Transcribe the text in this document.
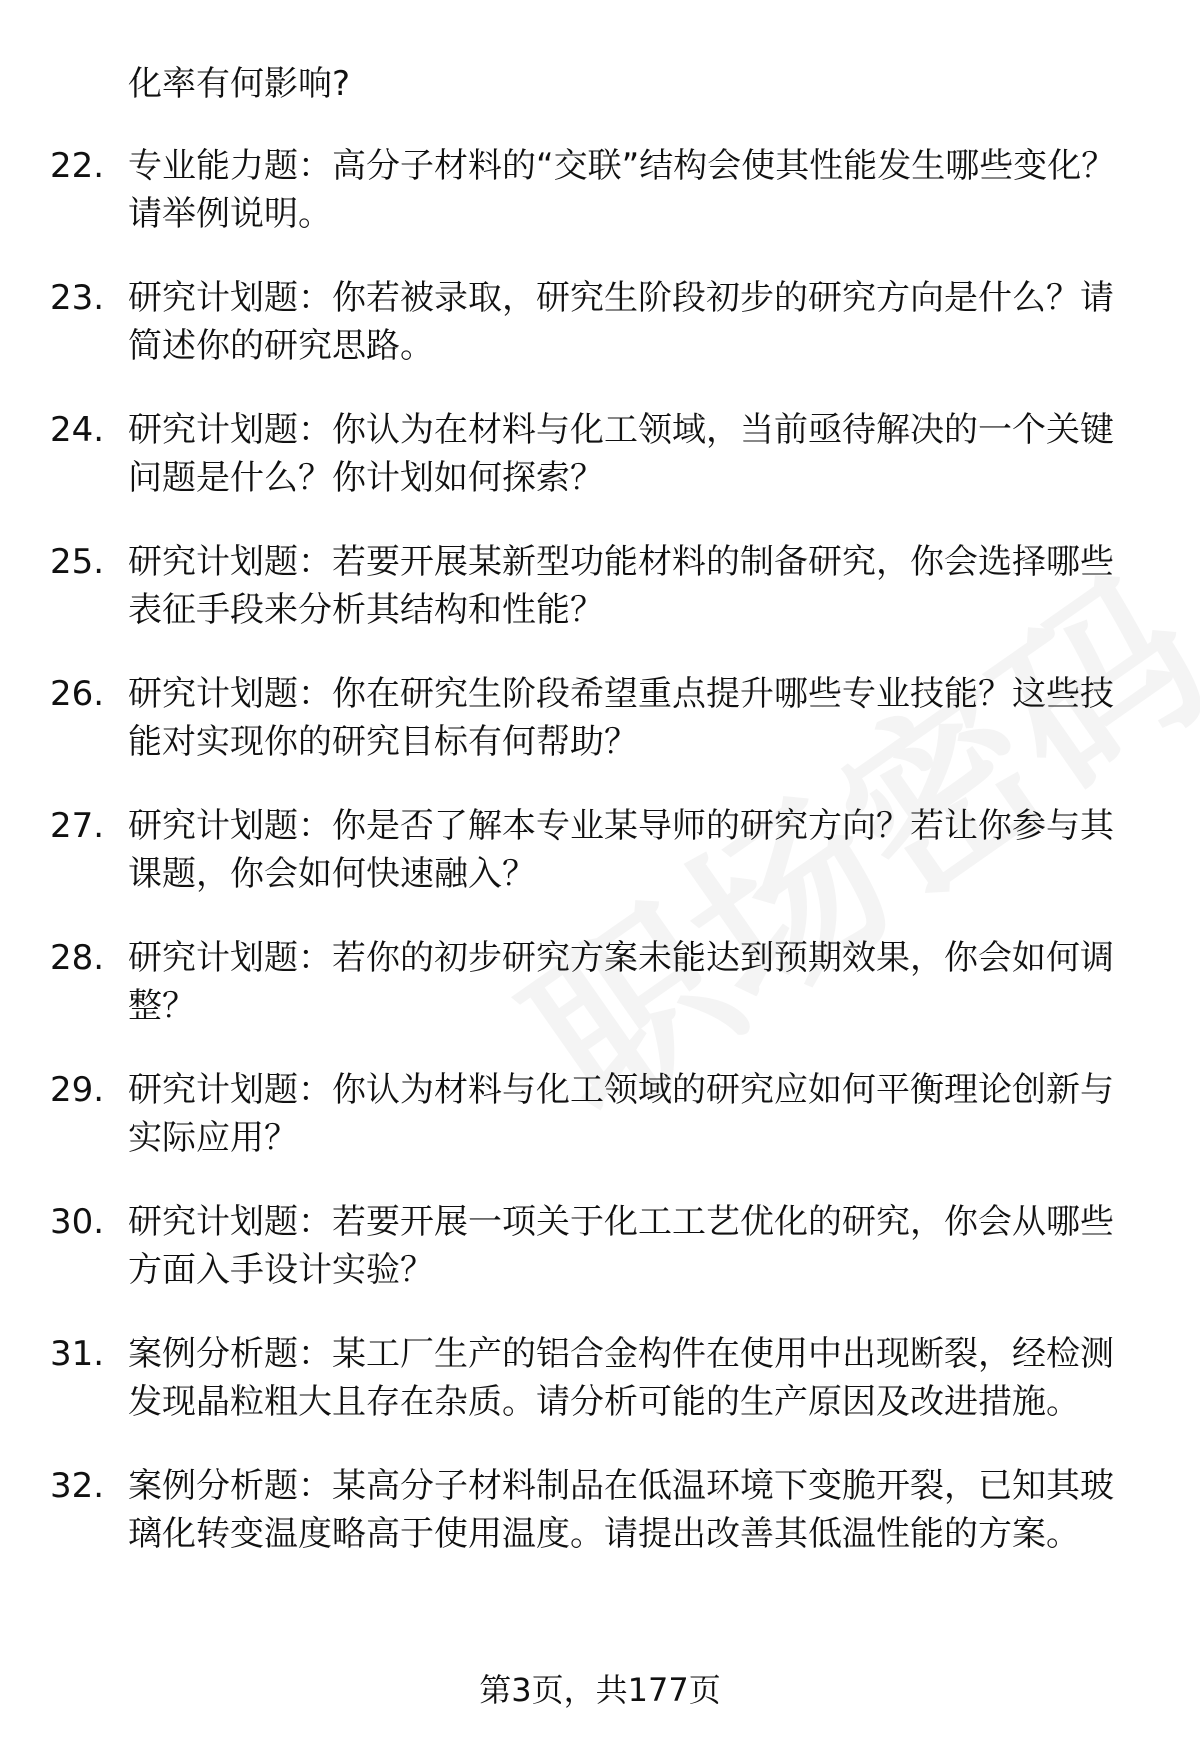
化率有何影响?
22. 专业能力题：高分子材料的“交联”结构会使其性能发生哪些变化？请举例说明。
23. 研究计划题：你若被录取，研究生阶段初步的研究方向是什么？请简述你的研究思路。
24. 研究计划题：你认为在材料与化工领域，当前亟待解决的一个关键问题是什么？你计划如何探索？
25. 研究计划题：若要开展某新型功能材料的制备研究，你会选择哪些表征手段来分析其结构和性能？
26. 研究计划题：你在研究生阶段希望重点提升哪些专业技能？这些技能对实现你的研究目标有何帮助？
27. 研究计划题：你是否了解本专业某导师的研究方向？若让你参与其课题，你会如何快速融入？
28. 研究计划题：若你的初步研究方案未能达到预期效果，你会如何调整？
29. 研究计划题：你认为材料与化工领域的研究应如何平衡理论创新与实际应用？
30. 研究计划题：若要开展一项关于化工工艺优化的研究，你会从哪些方面入手设计实验？
31. 案例分析题：某工厂生产的铝合金构件在使用中出现断裂，经检测发现晶粒粗大且存在杂质。请分析可能的生产原因及改进措施。
32. 案例分析题：某高分子材料制品在低温环境下变脆开裂，已知其玻璃化转变温度略高于使用温度。请提出改善其低温性能的方案。
第3页，共177页
